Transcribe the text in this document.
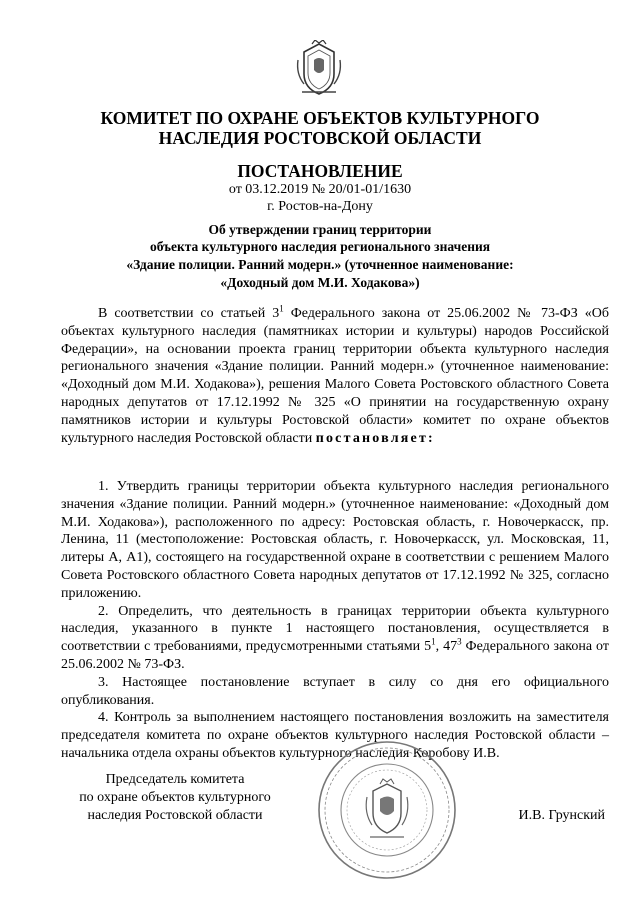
КОМИТЕТ ПО ОХРАНЕ ОБЪЕКТОВ КУЛЬТУРНОГО
НАСЛЕДИЯ РОСТОВСКОЙ ОБЛАСТИ
ПОСТАНОВЛЕНИЕ
от 03.12.2019 № 20/01-01/1630
г. Ростов-на-Дону
Об утверждении границ территории
объекта культурного наследия регионального значения
«Здание полиции. Ранний модерн.» (уточненное наименование:
«Доходный дом М.И. Ходакова»)

В соответствии со статьей $3^1$ Федерального закона от 25.06.2002 № 73-ФЗ «Об объектах культурного наследия (памятниках истории и культуры) народов Российской Федерации», на основании проекта границ территории объекта культурного наследия регионального значения «Здание полиции. Ранний модерн.» (уточненное наименование: «Доходный дом М.И. Ходакова»), решения Малого Совета Ростовского областного Совета народных депутатов от 17.12.1992 № 325 «О принятии на государственную охрану памятников истории и культуры Ростовской области» комитет по охране объектов культурного наследия Ростовской области постановляет:

1. Утвердить границы территории объекта культурного наследия регионального значения «Здание полиции. Ранний модерн.» (уточненное наименование: «Доходный дом М.И. Ходакова»), расположенного по адресу: Ростовская область, г. Новочеркасск, пр. Ленина, 11 (местоположение: Ростовская область, г. Новочеркасск, ул. Московская, 11, литеры А, А1), состоящего на государственной охране в соответствии с решением Малого Совета Ростовского областного Совета народных депутатов от 17.12.1992 № 325, согласно приложению.

2. Определить, что деятельность в границах территории объекта культурного наследия, указанного в пункте 1 настоящего постановления, осуществляется в соответствии с требованиями, предусмотренными статьями $5^1$, $47^3$ Федерального закона от 25.06.2002 № 73-ФЗ.

3. Настоящее постановление вступает в силу со дня его официального опубликования.

4. Контроль за выполнением настоящего постановления возложить на заместителя председателя комитета по охране объектов культурного наследия Ростовской области – начальника отдела охраны объектов культурного наследия Коробову И.В.

Председатель комитета
по охране объектов культурного
наследия Ростовской области	И.В. Грунский
